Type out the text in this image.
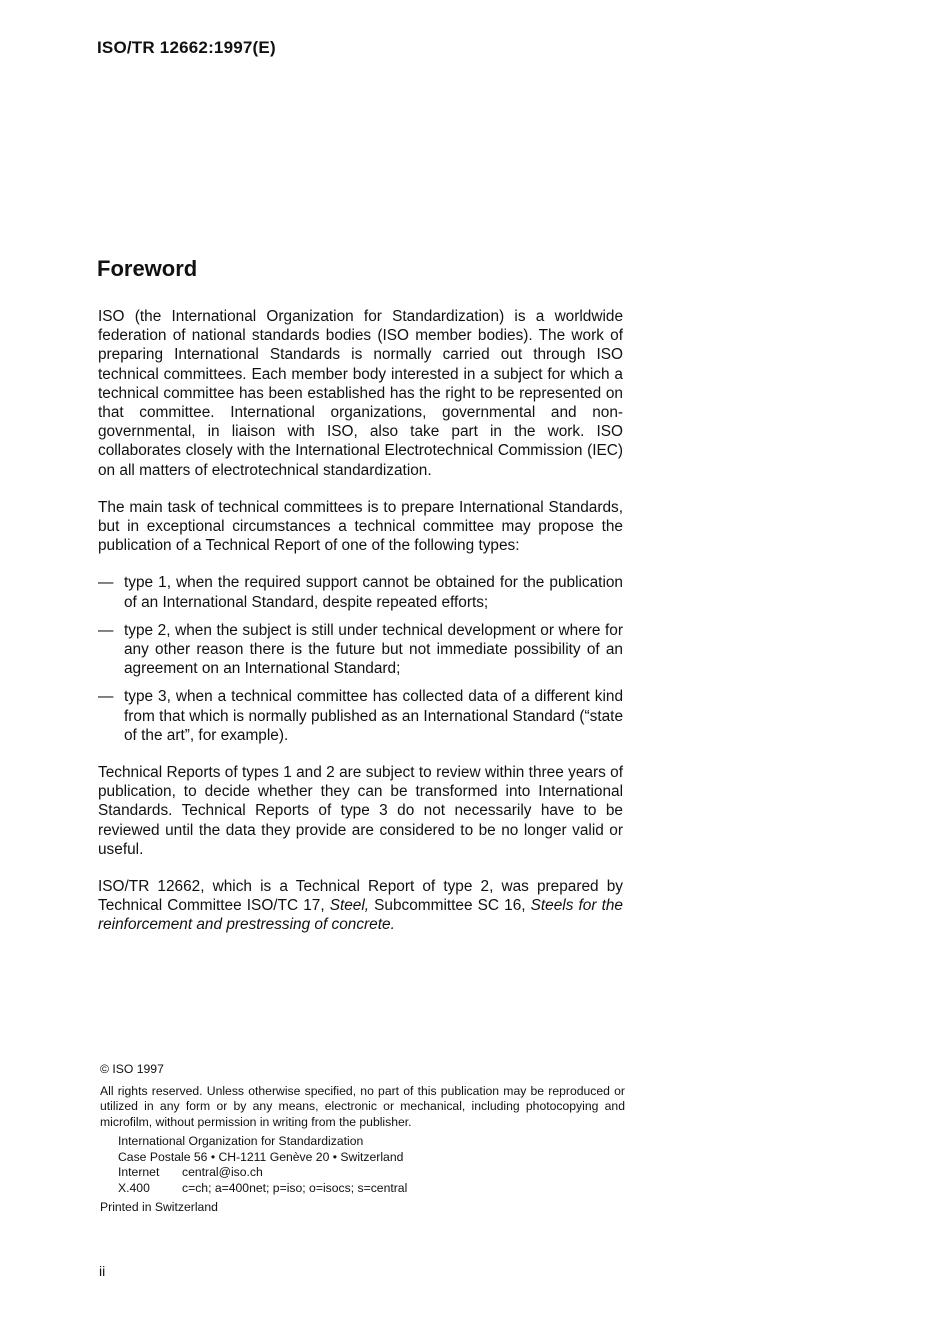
ISO/TR 12662:1997(E)
Foreword

ISO (the International Organization for Standardization) is a worldwide federation of national standards bodies (ISO member bodies). The work of preparing International Standards is normally carried out through ISO technical committees. Each member body interested in a subject for which a technical committee has been established has the right to be represented on that committee. International organizations, governmental and non-governmental, in liaison with ISO, also take part in the work. ISO collaborates closely with the International Electrotechnical Commission (IEC) on all matters of electrotechnical standardization.

The main task of technical committees is to prepare International Standards, but in exceptional circumstances a technical committee may propose the publication of a Technical Report of one of the following types:

— type 1, when the required support cannot be obtained for the publication of an International Standard, despite repeated efforts;
— type 2, when the subject is still under technical development or where for any other reason there is the future but not immediate possibility of an agreement on an International Standard;
— type 3, when a technical committee has collected data of a different kind from that which is normally published as an International Standard (“state of the art”, for example).

Technical Reports of types 1 and 2 are subject to review within three years of publication, to decide whether they can be transformed into International Standards. Technical Reports of type 3 do not necessarily have to be reviewed until the data they provide are considered to be no longer valid or useful.

ISO/TR 12662, which is a Technical Report of type 2, was prepared by Technical Committee ISO/TC 17, Steel, Subcommittee SC 16, Steels for the reinforcement and prestressing of concrete.

© ISO 1997
All rights reserved. Unless otherwise specified, no part of this publication may be reproduced or utilized in any form or by any means, electronic or mechanical, including photocopying and microfilm, without permission in writing from the publisher.
International Organization for Standardization
Case Postale 56 • CH-1211 Genève 20 • Switzerland
Internet central@iso.ch
X.400	c=ch; a=400net; p=iso; o=isocs; s=central
Printed in Switzerland
ii
